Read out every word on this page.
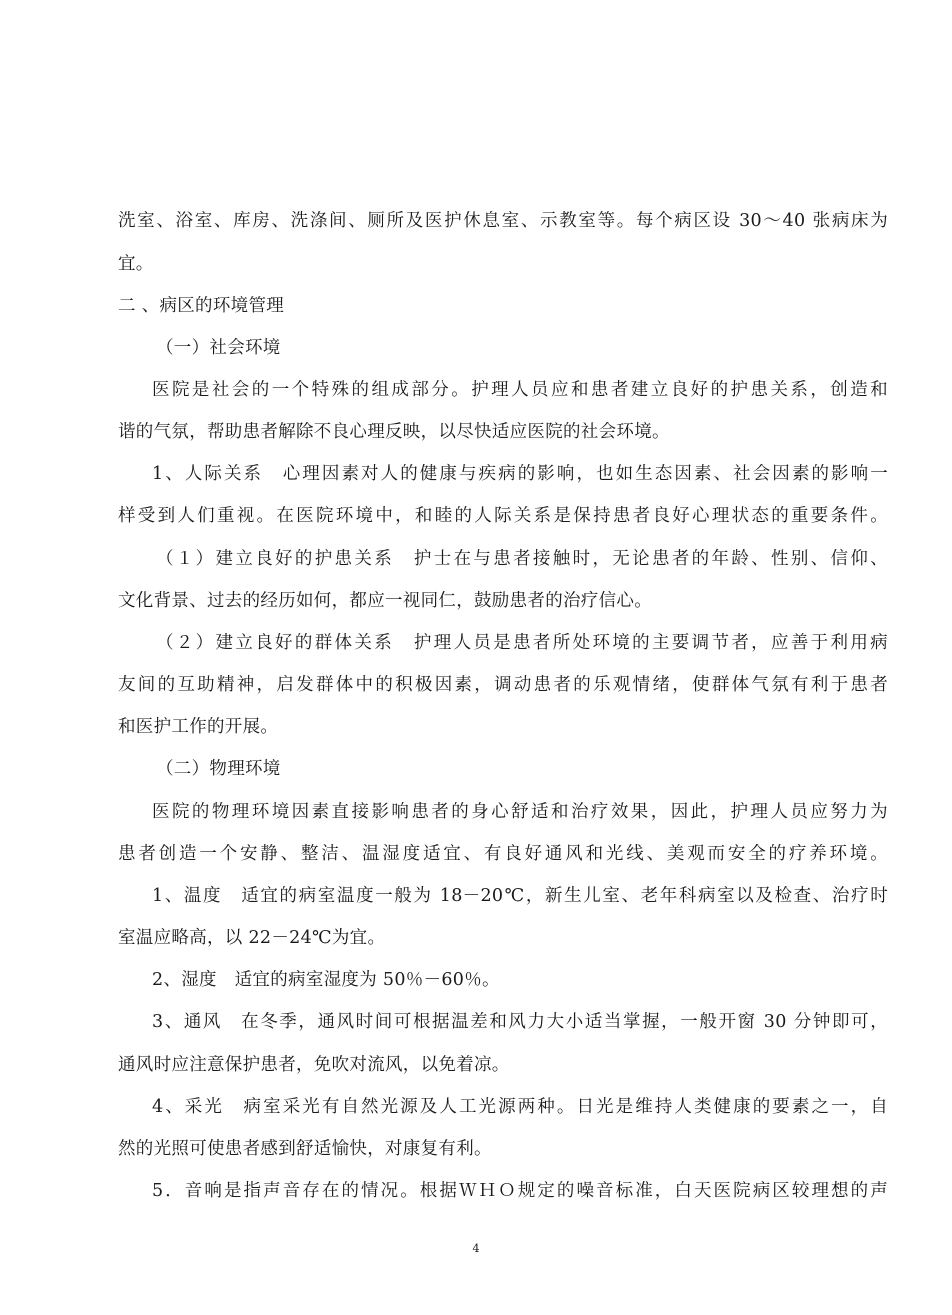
洗室、浴室、库房、洗涤间、厕所及医护休息室、示教室等。每个病区设 30～40 张病床为
宜。
二 、病区的环境管理
（一）社会环境
医院是社会的一个特殊的组成部分。护理人员应和患者建立良好的护患关系，创造和
谐的气氛，帮助患者解除不良心理反映，以尽快适应医院的社会环境。
1、人际关系　心理因素对人的健康与疾病的影响，也如生态因素、社会因素的影响一
样受到人们重视。在医院环境中，和睦的人际关系是保持患者良好心理状态的重要条件。
（１）建立良好的护患关系　护士在与患者接触时，无论患者的年龄、性别、信仰、
文化背景、过去的经历如何，都应一视同仁，鼓励患者的治疗信心。
（２）建立良好的群体关系　护理人员是患者所处环境的主要调节者，应善于利用病
友间的互助精神，启发群体中的积极因素，调动患者的乐观情绪，使群体气氛有利于患者
和医护工作的开展。
（二）物理环境
医院的物理环境因素直接影响患者的身心舒适和治疗效果，因此，护理人员应努力为
患者创造一个安静、整洁、温湿度适宜、有良好通风和光线、美观而安全的疗养环境。
1、温度　适宜的病室温度一般为 18－20℃，新生儿室、老年科病室以及检查、治疗时
室温应略高，以 22－24℃为宜。
2、湿度　适宜的病室湿度为 50％－60％。
3、通风　在冬季，通风时间可根据温差和风力大小适当掌握，一般开窗 30 分钟即可，
通风时应注意保护患者，免吹对流风，以免着凉。
4、采光　病室采光有自然光源及人工光源两种。日光是维持人类健康的要素之一，自
然的光照可使患者感到舒适愉快，对康复有利。
5．音响是指声音存在的情况。根据ＷＨＯ规定的噪音标准，白天医院病区较理想的声
4
